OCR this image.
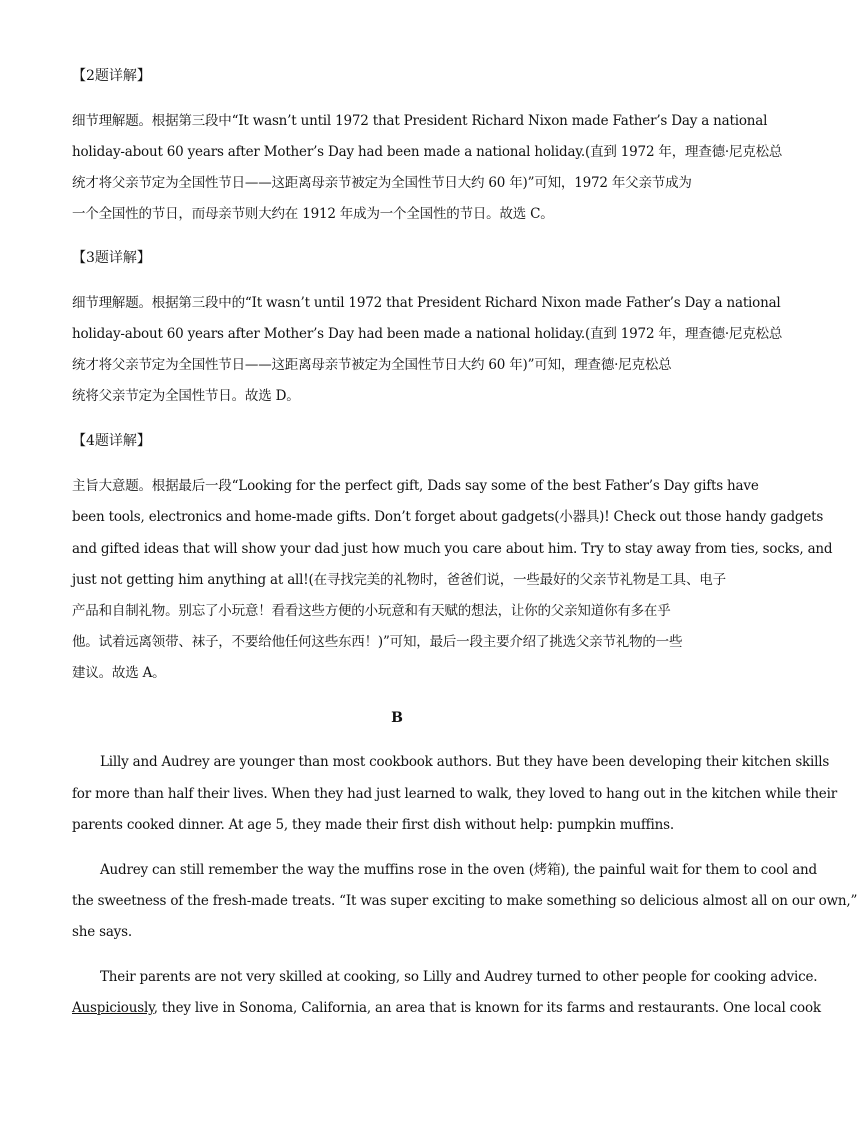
【2题详解】
细节理解题。根据第三段中“It wasn’t until 1972 that President Richard Nixon made Father’s Day a national
holiday-about 60 years after Mother’s Day had been made a national holiday.(直到 1972 年，理查德·尼克松总
统才将父亲节定为全国性节日——这距离母亲节被定为全国性节日大约 60 年)”可知，1972 年父亲节成为
一个全国性的节日，而母亲节则大约在 1912 年成为一个全国性的节日。故选 C。
【3题详解】
细节理解题。根据第三段中的“It wasn’t until 1972 that President Richard Nixon made Father’s Day a national
holiday-about 60 years after Mother’s Day had been made a national holiday.(直到 1972 年，理查德·尼克松总
统才将父亲节定为全国性节日——这距离母亲节被定为全国性节日大约 60 年)”可知，理查德·尼克松总
统将父亲节定为全国性节日。故选 D。
【4题详解】
主旨大意题。根据最后一段“Looking for the perfect gift, Dads say some of the best Father’s Day gifts have
been tools, electronics and home-made gifts. Don’t forget about gadgets(小器具)! Check out those handy gadgets
and gifted ideas that will show your dad just how much you care about him. Try to stay away from ties, socks, and
just not getting him anything at all!(在寻找完美的礼物时，爸爸们说，一些最好的父亲节礼物是工具、电子
产品和自制礼物。别忘了小玩意！看看这些方便的小玩意和有天赋的想法，让你的父亲知道你有多在乎
他。试着远离领带、袜子，不要给他任何这些东西！)”可知，最后一段主要介绍了挑选父亲节礼物的一些
建议。故选 A。
B
Lilly and Audrey are younger than most cookbook authors. But they have been developing their kitchen skills
for more than half their lives. When they had just learned to walk, they loved to hang out in the kitchen while their
parents cooked dinner. At age 5, they made their first dish without help: pumpkin muffins.
Audrey can still remember the way the muffins rose in the oven (烤箱), the painful wait for them to cool and
the sweetness of the fresh-made treats. “It was super exciting to make something so delicious almost all on our own,”
she says.
Their parents are not very skilled at cooking, so Lilly and Audrey turned to other people for cooking advice.
Auspiciously, they live in Sonoma, California, an area that is known for its farms and restaurants. One local cook
